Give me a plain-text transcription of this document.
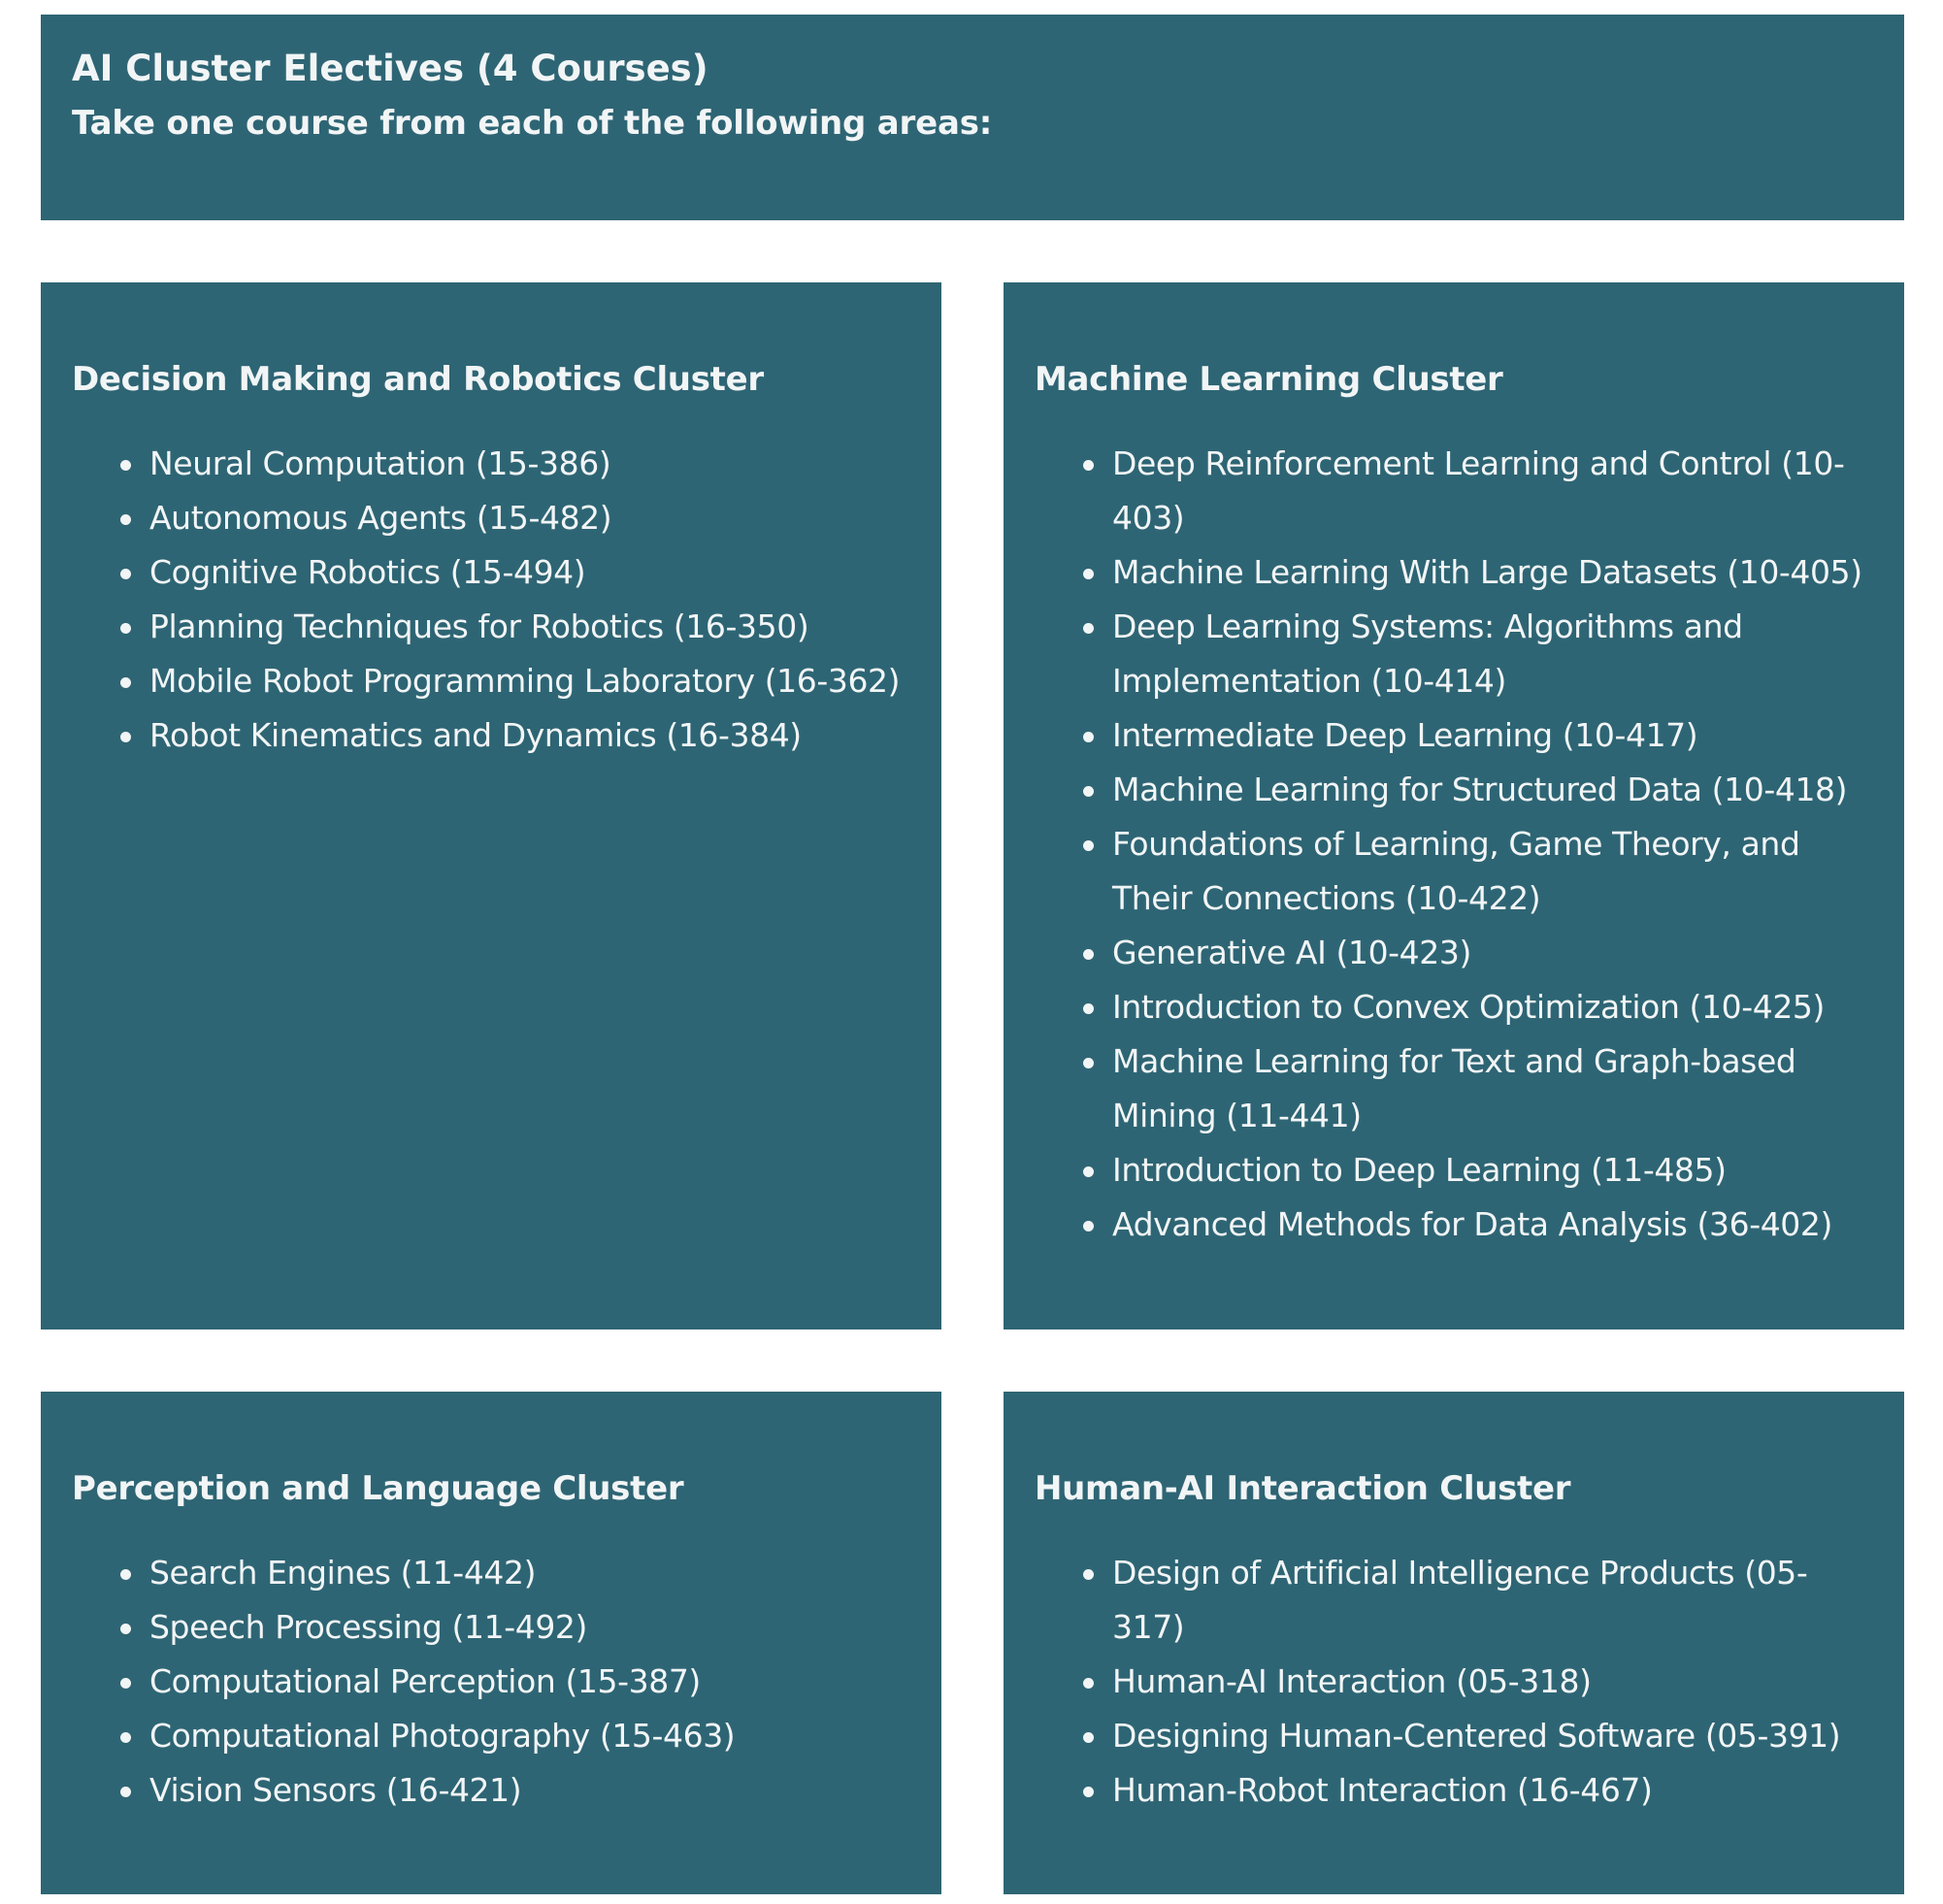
AI Cluster Electives (4 Courses)

Take one course from each of the following areas:

Decision Making and Robotics Cluster
Neural Computation (15-386)
Autonomous Agents (15-482)
Cognitive Robotics (15-494)
Planning Techniques for Robotics (16-350)
Mobile Robot Programming Laboratory (16-362)
Robot Kinematics and Dynamics (16-384)
Machine Learning Cluster
Deep Reinforcement Learning and Control (10-403)
Machine Learning With Large Datasets (10-405)
Deep Learning Systems: Algorithms and Implementation (10-414)
Intermediate Deep Learning (10-417)
Machine Learning for Structured Data (10-418)
Foundations of Learning, Game Theory, and Their Connections (10-422)
Generative AI (10-423)
Introduction to Convex Optimization (10-425)
Machine Learning for Text and Graph-based Mining (11-441)
Introduction to Deep Learning (11-485)
Advanced Methods for Data Analysis (36-402)
Perception and Language Cluster
Search Engines (11-442)
Speech Processing (11-492)
Computational Perception (15-387)
Computational Photography (15-463)
Vision Sensors (16-421)
Human-AI Interaction Cluster
Design of Artificial Intelligence Products (05-317)
Human-AI Interaction (05-318)
Designing Human-Centered Software (05-391)
Human-Robot Interaction (16-467)
